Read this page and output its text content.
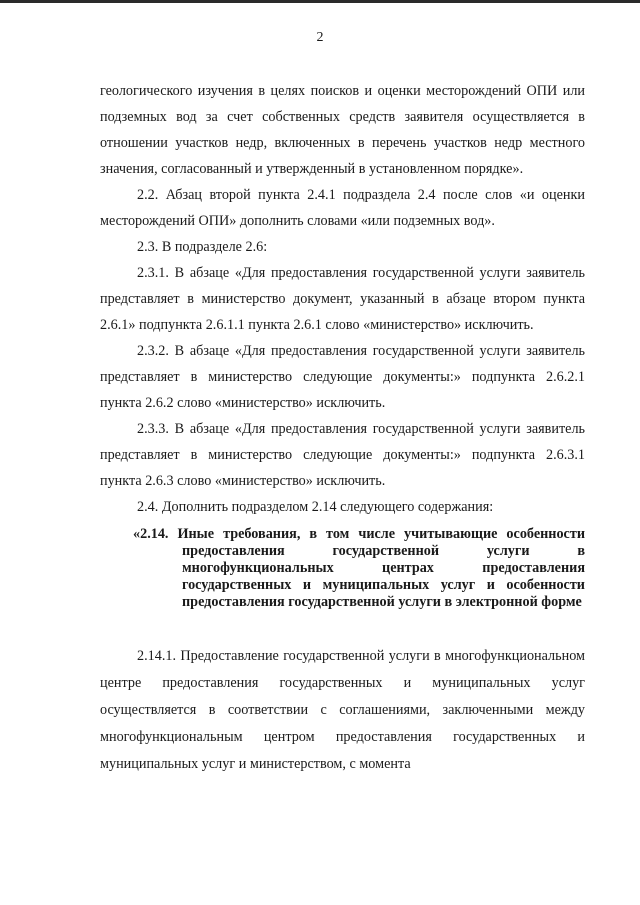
2

геологического изучения в целях поисков и оценки месторождений ОПИ или подземных вод за счет собственных средств заявителя осуществляется в отношении участков недр, включенных в перечень участков недр местного значения, согласованный и утвержденный в установленном порядке».

2.2. Абзац второй пункта 2.4.1 подраздела 2.4 после слов «и оценки месторождений ОПИ» дополнить словами «или подземных вод».

2.3. В подразделе 2.6:

2.3.1. В абзаце «Для предоставления государственной услуги заявитель представляет в министерство документ, указанный в абзаце втором пункта 2.6.1» подпункта 2.6.1.1 пункта 2.6.1 слово «министерство» исключить.

2.3.2. В абзаце «Для предоставления государственной услуги заявитель представляет в министерство следующие документы:» подпункта 2.6.2.1 пункта 2.6.2 слово «министерство» исключить.

2.3.3. В абзаце «Для предоставления государственной услуги заявитель представляет в министерство следующие документы:» подпункта 2.6.3.1 пункта 2.6.3 слово «министерство» исключить.

2.4. Дополнить подразделом 2.14 следующего содержания:

«2.14. Иные требования, в том числе учитывающие особенности предоставления государственной услуги в многофункциональных центрах предоставления государственных и муниципальных услуг и особенности предоставления государственной услуги в электронной форме

2.14.1. Предоставление государственной услуги в многофункциональном центре предоставления государственных и муниципальных услуг осуществляется в соответствии с соглашениями, заключенными между многофункциональным центром предоставления государственных и муниципальных услуг и министерством, с момента
